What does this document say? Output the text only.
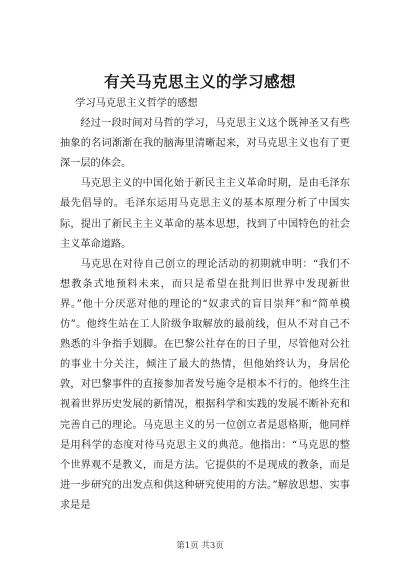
有关马克思主义的学习感想

学习马克思主义哲学的感想

经过一段时间对马哲的学习，马克思主义这个既神圣又有些抽象的名词渐渐在我的脑海里清晰起来，对马克思主义也有了更深一层的体会。

马克思主义的中国化始于新民主主义革命时期，是由毛泽东最先倡导的。毛泽东运用马克思主义的基本原理分析了中国实际，提出了新民主主义革命的基本思想，找到了中国特色的社会主义革命道路。

马克思在对待自己创立的理论活动的初期就申明：“我们不想教条式地预料未来，而只是希望在批判旧世界中发现新世界。”他十分厌恶对他的理论的“奴隶式的盲目崇拜”和“简单模仿”。他终生站在工人阶级争取解放的最前线，但从不对自己不熟悉的斗争指手划脚。在巴黎公社存在的日子里，尽管他对公社的事业十分关注，倾注了最大的热情，但他始终认为，身居伦敦，对巴黎事件的直接参加者发号施令是根本不行的。他终生注视着世界历史发展的新情况，根据科学和实践的发展不断补充和完善自己的理论。马克思主义的另一位创立者是恩格斯，他同样是用科学的态度对待马克思主义的典范。他指出：“马克思的整个世界观不是教义，而是方法。它提供的不是现成的教条，而是进一步研究的出发点和供这种研究使用的方法。”解放思想、实事求是是

第1页 共3页
